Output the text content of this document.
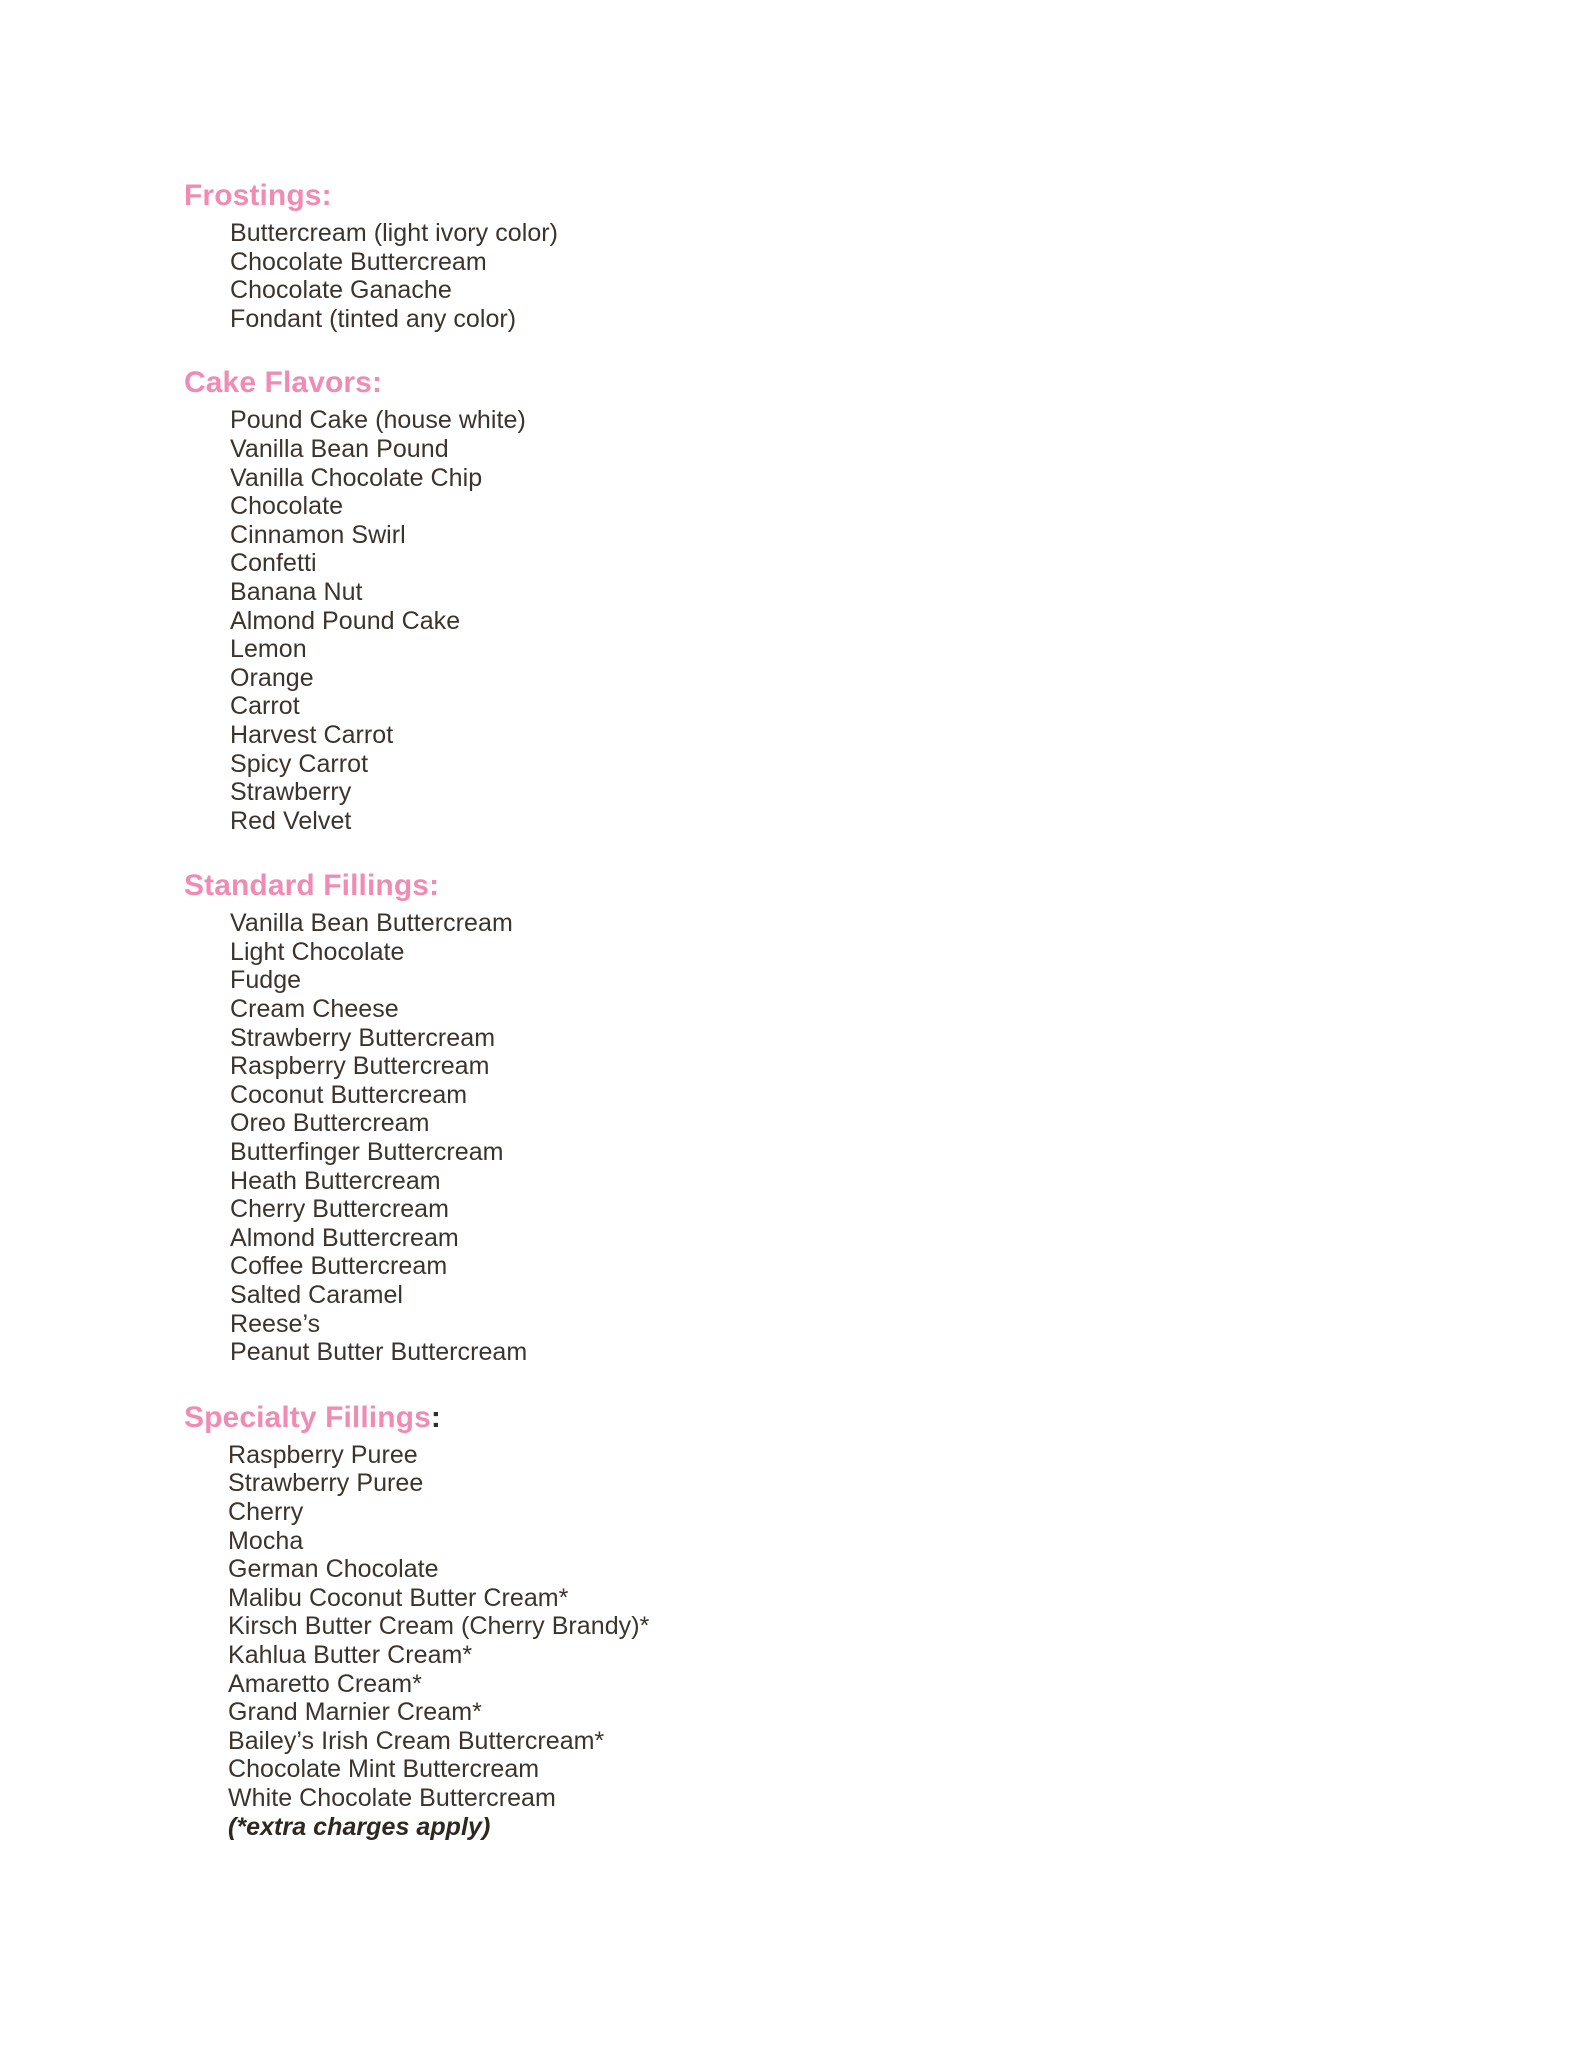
Frostings:
Buttercream (light ivory color)
Chocolate Buttercream
Chocolate Ganache
Fondant (tinted any color)
Cake Flavors:
Pound Cake (house white)
Vanilla Bean Pound
Vanilla Chocolate Chip
Chocolate
Cinnamon Swirl
Confetti
Banana Nut
Almond Pound Cake
Lemon
Orange
Carrot
Harvest Carrot
Spicy Carrot
Strawberry
Red Velvet
Standard Fillings:
Vanilla Bean Buttercream
Light Chocolate
Fudge
Cream Cheese
Strawberry Buttercream
Raspberry Buttercream
Coconut Buttercream
Oreo Buttercream
Butterfinger Buttercream
Heath Buttercream
Cherry Buttercream
Almond Buttercream
Coffee Buttercream
Salted Caramel
Reese’s
Peanut Butter Buttercream
Specialty Fillings:
Raspberry Puree
Strawberry Puree
Cherry
Mocha
German Chocolate
Malibu Coconut Butter Cream*
Kirsch Butter Cream (Cherry Brandy)*
Kahlua Butter Cream*
Amaretto Cream*
Grand Marnier Cream*
Bailey’s Irish Cream Buttercream*
Chocolate Mint Buttercream
White Chocolate Buttercream
(*extra charges apply)
